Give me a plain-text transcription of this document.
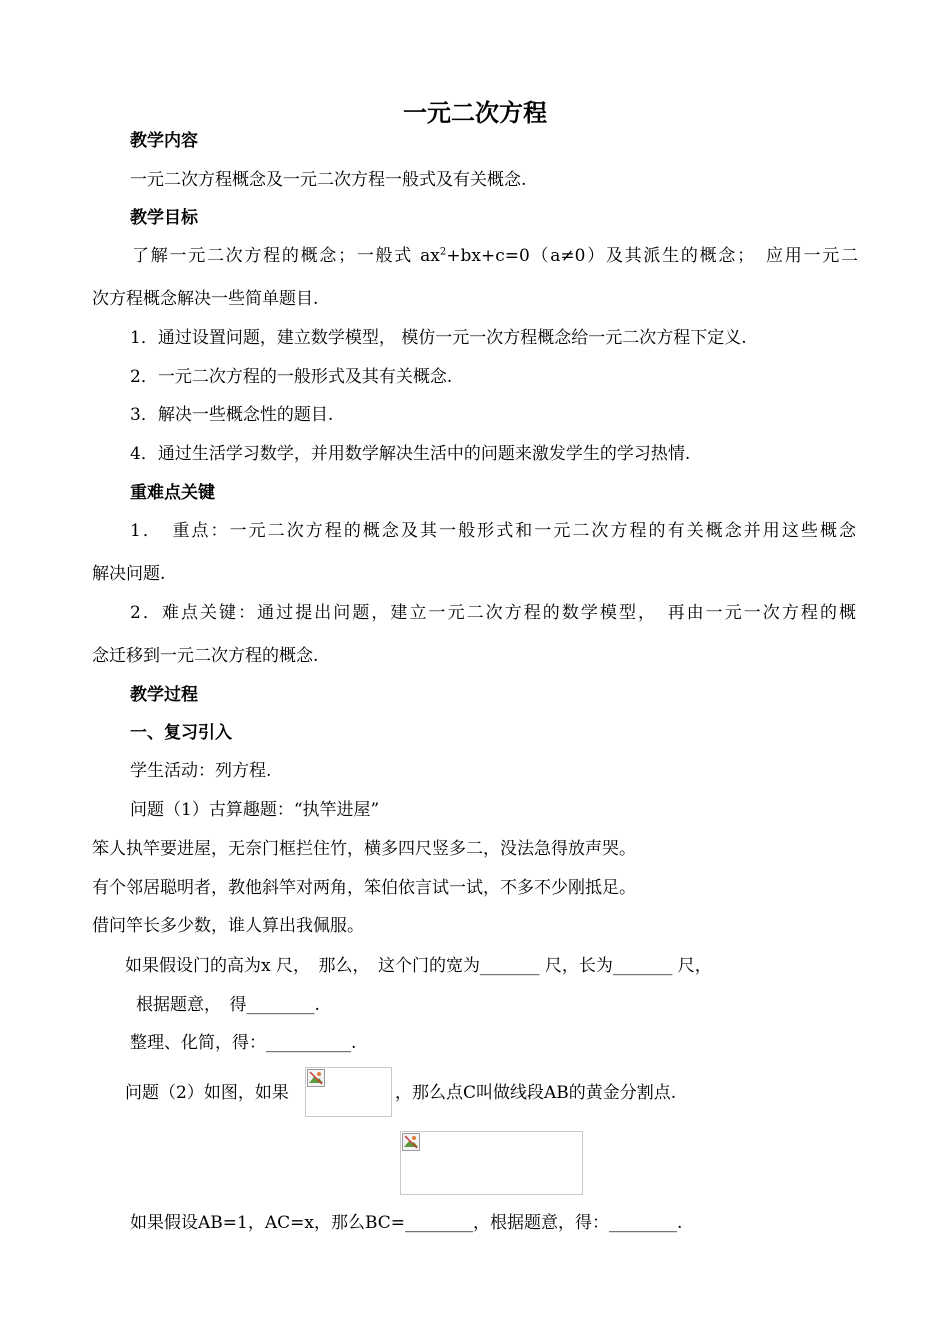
一元二次方程
教学内容
一元二次方程概念及一元二次方程一般式及有关概念.
教学目标
了解一元二次方程的概念；一般式 $ax^2+bx+c=0(a\ne 0)$及其派生的概念；　应用一元二
次方程概念解决一些简单题目.
1．通过设置问题，建立数学模型， 模仿一元一次方程概念给一元二次方程下定义.
2．一元二次方程的一般形式及其有关概念.
3．解决一些概念性的题目.
4．通过生活学习数学，并用数学解决生活中的问题来激发学生的学习热情.
重难点关键
1．　重点：一元二次方程的概念及其一般形式和一元二次方程的有关概念并用这些概念
解决问题.
2．难点关键：通过提出问题，建立一元二次方程的数学模型，　再由一元一次方程的概
念迁移到一元二次方程的概念.
教学过程
一、复习引入
学生活动：列方程.
问题（1）古算趣题：“执竿进屋”
笨人执竿要进屋，无奈门框拦住竹，横多四尺竖多二，没法急得放声哭。
有个邻居聪明者，教他斜竿对两角，笨伯依言试一试，不多不少刚抵足。
借问竿长多少数，谁人算出我佩服。
如果假设门的高为x 尺，　那么，　这个门的宽为_______ 尺，长为_______ 尺，
根据题意，　得________.
整理、化简，得：__________.
问题（2）如图，如果	，那么点C叫做线段AB的黄金分割点.
如果假设AB=1，AC=x，那么BC=________，根据题意，得：________.
